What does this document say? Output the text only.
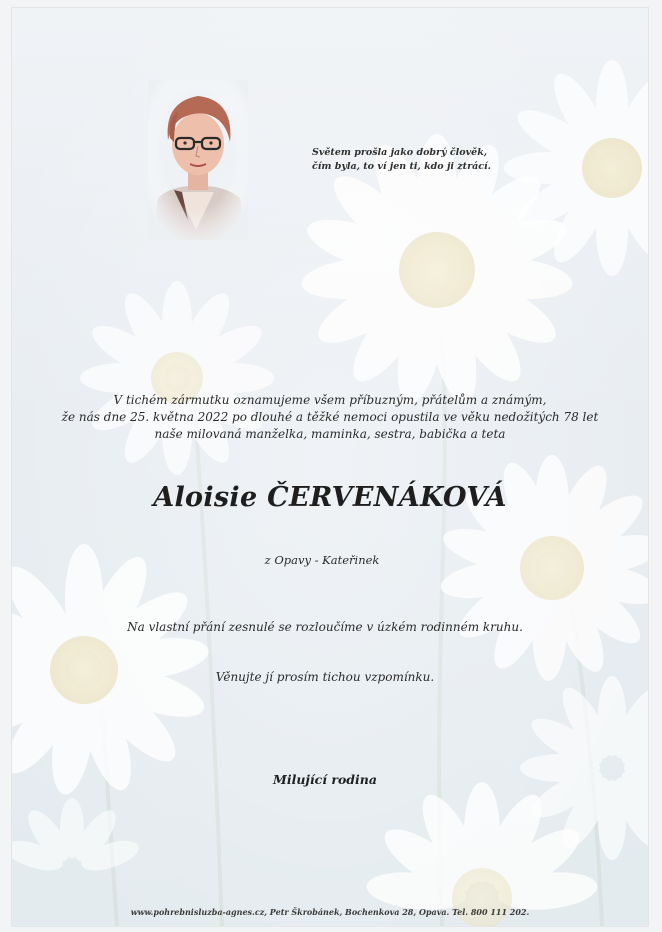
Světem prošla jako dobrý člověk,
čím byla, to ví jen ti, kdo ji ztrácí.
V tichém zármutku oznamujeme všem příbuzným, přátelům a známým,
že nás dne 25. května 2022 po dlouhé a těžké nemoci opustila ve věku nedožitých 78 let
naše milovaná manželka, maminka, sestra, babička a teta
Aloisie ČERVENÁKOVÁ
z Opavy - Kateřinek
Na vlastní přání zesnulé se rozloučíme v úzkém rodinném kruhu.
Věnujte jí prosím tichou vzpomínku.
Milující rodina
www.pohrebnisluzba-agnes.cz, Petr Škrobánek, Bochenkova 28, Opava. Tel. 800 111 202.
